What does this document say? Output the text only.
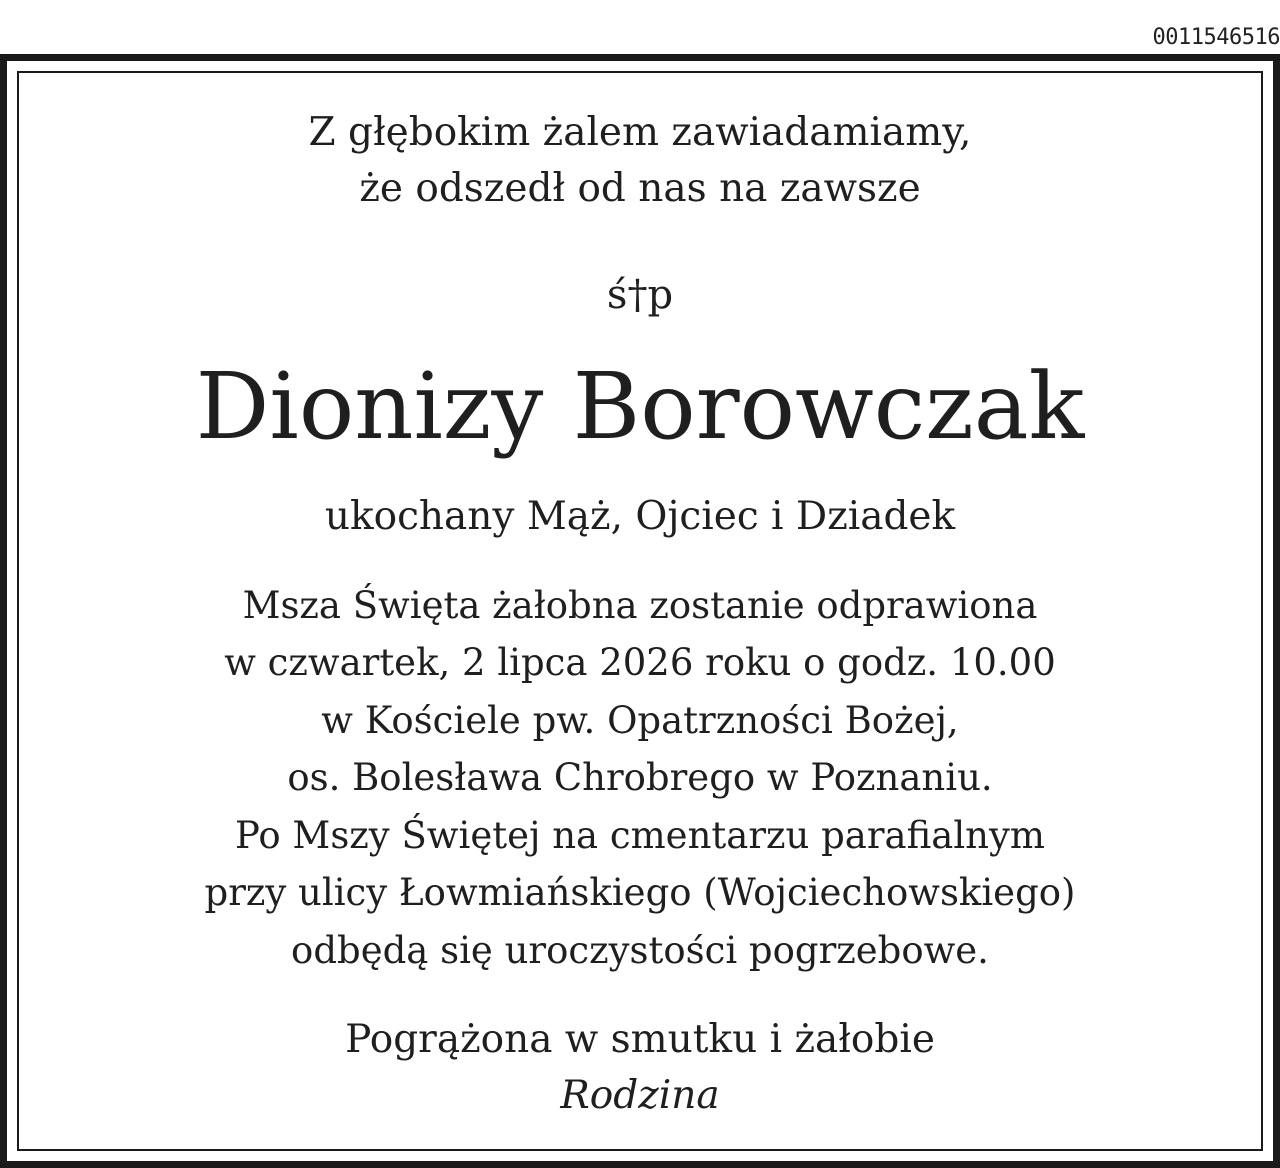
0011546516
Z głębokim żalem zawiadamiamy,
że odszedł od nas na zawsze
ś†p
Dionizy Borowczak
ukochany Mąż, Ojciec i Dziadek
Msza Święta żałobna zostanie odprawiona
w czwartek, 2 lipca 2026 roku o godz. 10.00
w Kościele pw. Opatrzności Bożej,
os. Bolesława Chrobrego w Poznaniu.
Po Mszy Świętej na cmentarzu parafialnym
przy ulicy Łowmiańskiego (Wojciechowskiego)
odbędą się uroczystości pogrzebowe.
Pogrążona w smutku i żałobie
Rodzina
